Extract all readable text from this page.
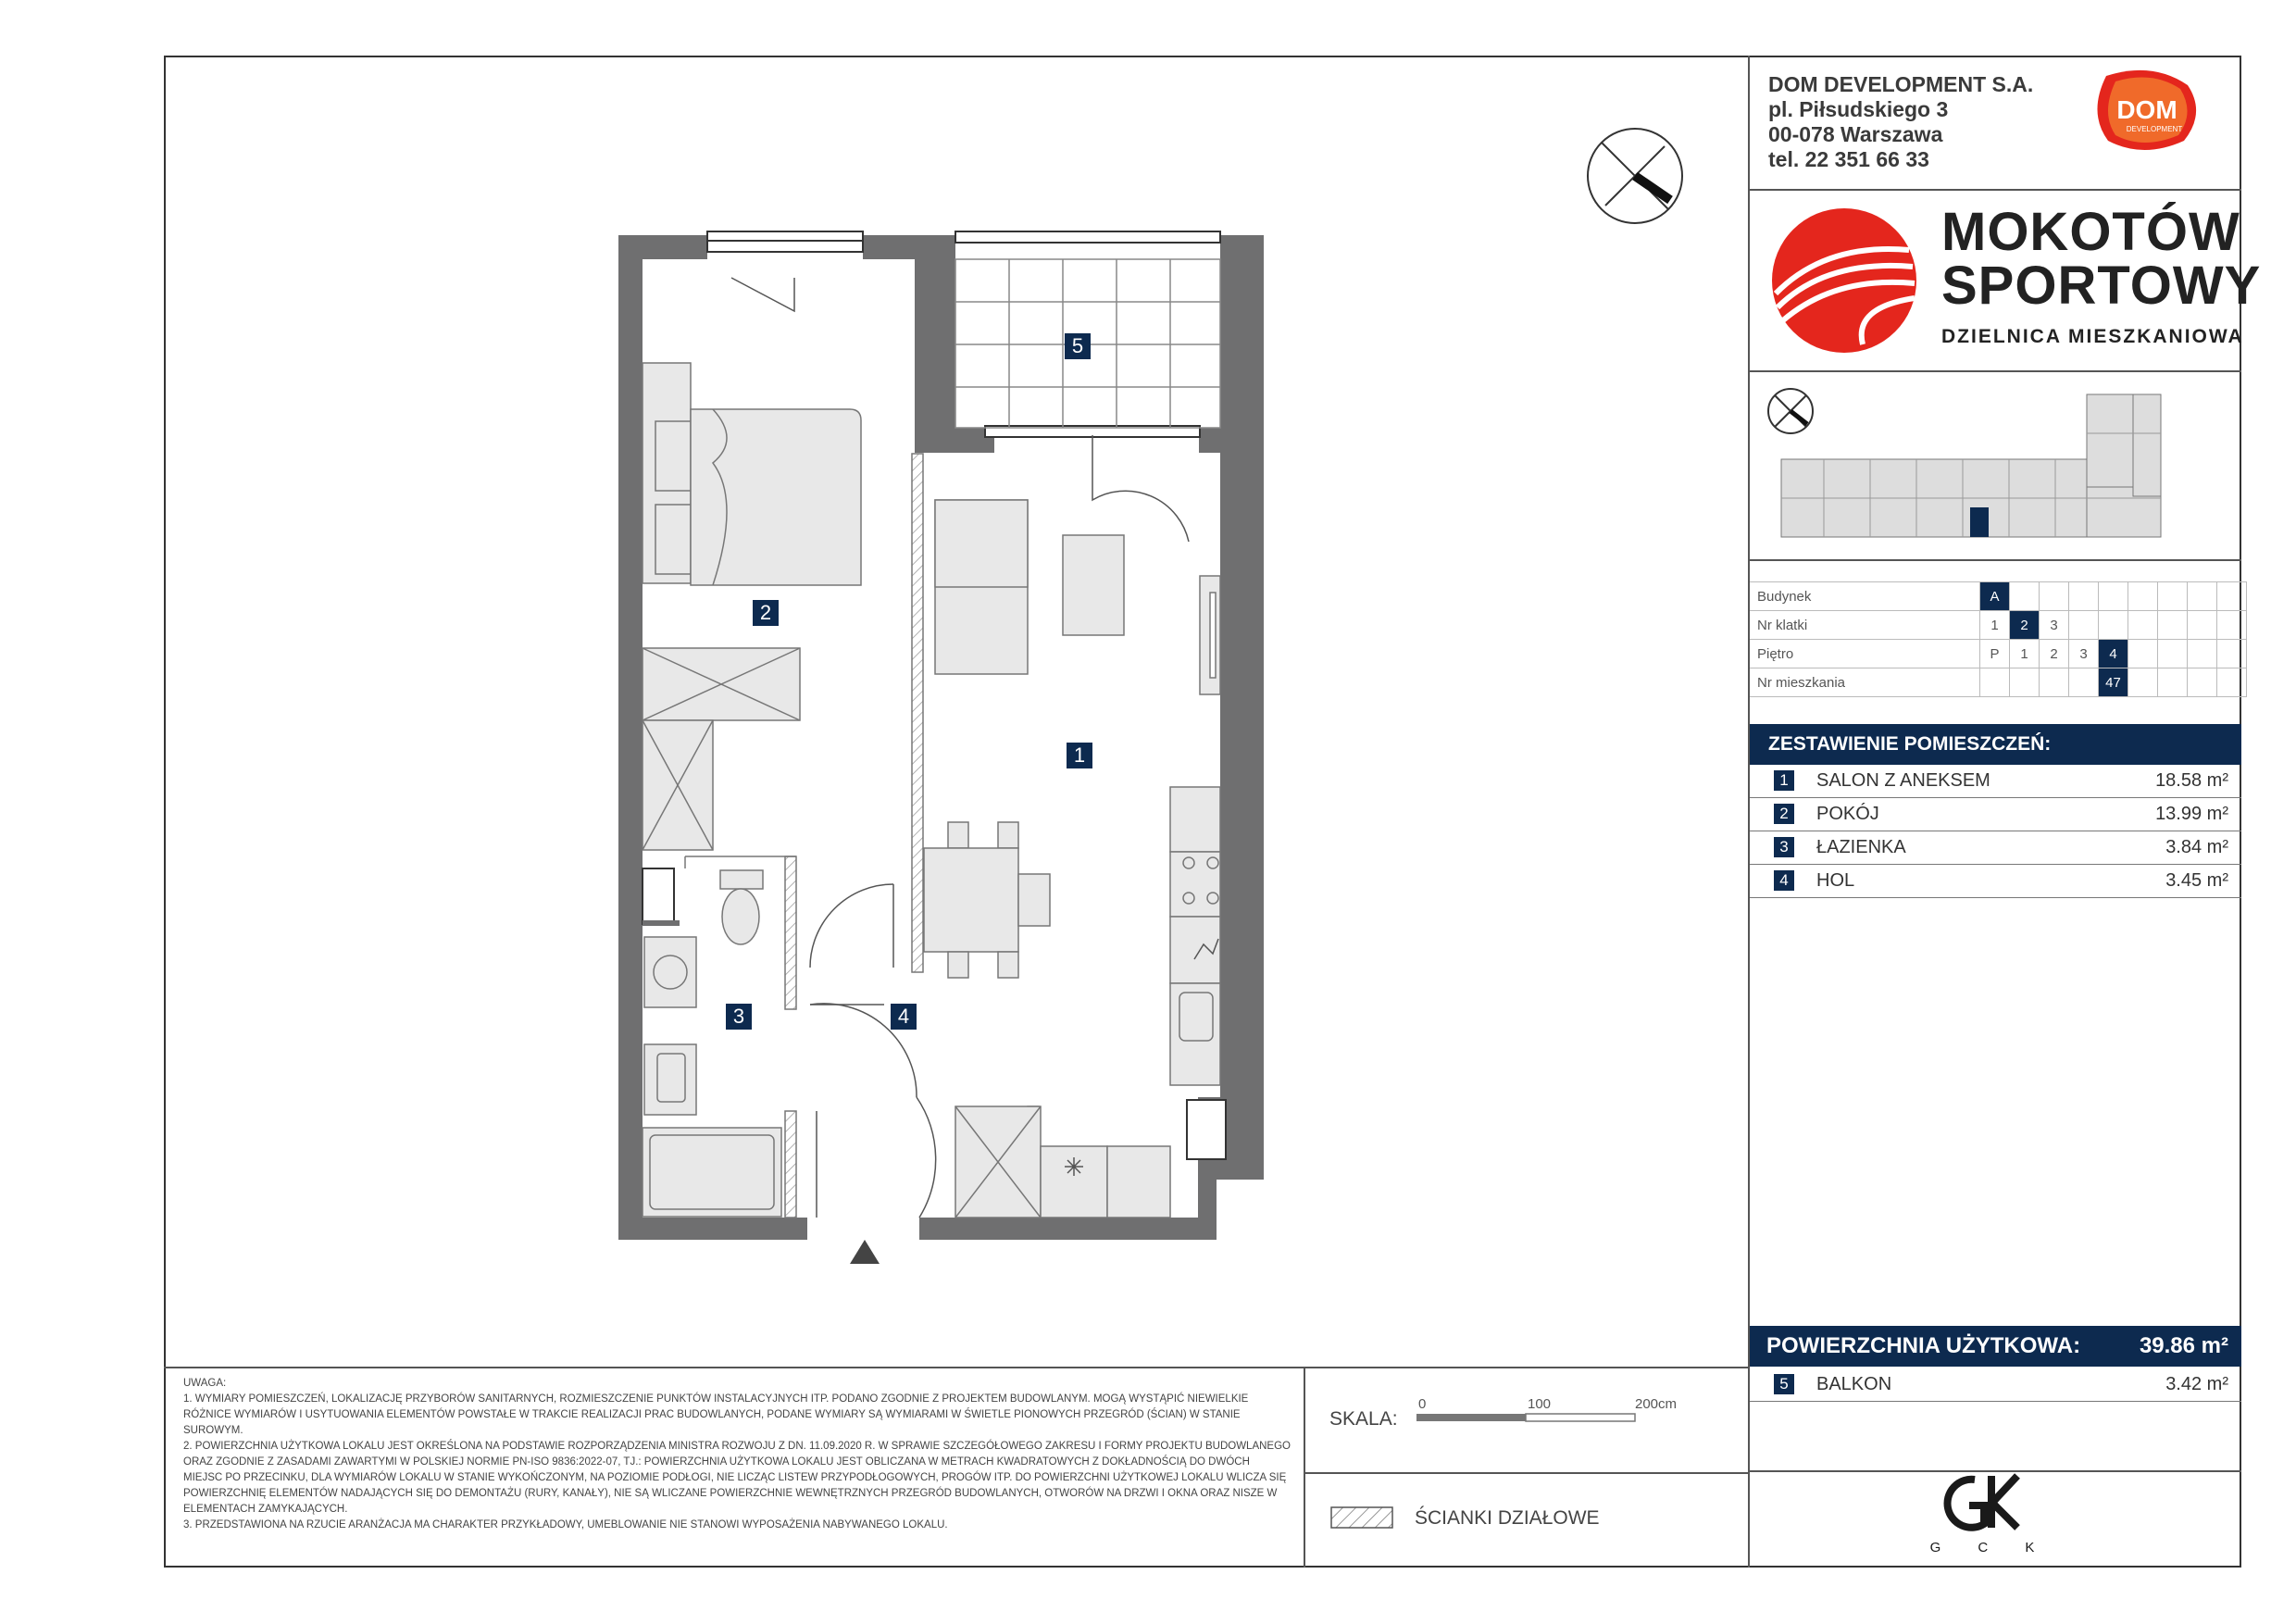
1
2
3	4
5
DOM DEVELOPMENT S.A.
pl. Piłsudskiego 3
00-078 Warszawa
tel. 22 351 66 33
DOM
DEVELOPMENT
MOKOTÓW
SPORTOWY
DZIELNICA MIESZKANIOWA
Budynek	A								
Nr klatki	1	2	3						
Piętro	P	1	2	3	4				
Nr mieszkania					47				
ZESTAWIENIE POMIESZCZEŃ:
1	SALON Z ANEKSEM	18.58 m²
2	POKÓJ	13.99 m²
3	ŁAZIENKA	3.84 m²
4	HOL	3.45 m²
POWIERZCHNIA UŻYTKOWA:	39.86 m²
5	BALKON	3.42 m²

UWAGA:

1. WYMIARY POMIESZCZEŃ, LOKALIZACJĘ PRZYBORÓW SANITARNYCH, ROZMIESZCZENIE PUNKTÓW INSTALACYJNYCH ITP. PODANO ZGODNIE Z PROJEKTEM BUDOWLANYM. MOGĄ WYSTĄPIĆ NIEWIELKIE RÓŻNICE WYMIARÓW I USYTUOWANIA ELEMENTÓW POWSTAŁE W TRAKCIE REALIZACJI PRAC BUDOWLANYCH, PODANE WYMIARY SĄ WYMIARAMI W ŚWIETLE PIONOWYCH PRZEGRÓD (ŚCIAN) W STANIE SUROWYM.

2. POWIERZCHNIA UŻYTKOWA LOKALU JEST OKREŚLONA NA PODSTAWIE ROZPORZĄDZENIA MINISTRA ROZWOJU Z DN. 11.09.2020 R. W SPRAWIE SZCZEGÓŁOWEGO ZAKRESU I FORMY PROJEKTU BUDOWLANEGO ORAZ ZGODNIE Z ZASADAMI ZAWARTYMI W POLSKIEJ NORMIE PN-ISO 9836:2022-07, TJ.: POWIERZCHNIA UŻYTKOWA LOKALU JEST OBLICZANA W METRACH KWADRATOWYCH Z DOKŁADNOŚCIĄ DO DWÓCH MIEJSC PO PRZECINKU, DLA WYMIARÓW LOKALU W STANIE WYKOŃCZONYM, NA POZIOMIE PODŁOGI, NIE LICZĄC LISTEW PRZYPODŁOGOWYCH, PROGÓW ITP. DO POWIERZCHNI UŻYTKOWEJ LOKALU WLICZA SIĘ POWIERZCHNIĘ ELEMENTÓW NADAJĄCYCH SIĘ DO DEMONTAŻU (RURY, KANAŁY), NIE SĄ WLICZANE POWIERZCHNIE WEWNĘTRZNYCH PRZEGRÓD BUDOWLANYCH, OTWORÓW NA DRZWI I OKNA ORAZ NISZE W ELEMENTACH ZAMYKAJĄCYCH.

3. PRZEDSTAWIONA NA RZUCIE ARANŻACJA MA CHARAKTER PRZYKŁADOWY, UMEBLOWANIE NIE STANOWI WYPOSAŻENIA NABYWANEGO LOKALU.

SKALA:
0	100	200cm
ŚCIANKI DZIAŁOWE
G C K
